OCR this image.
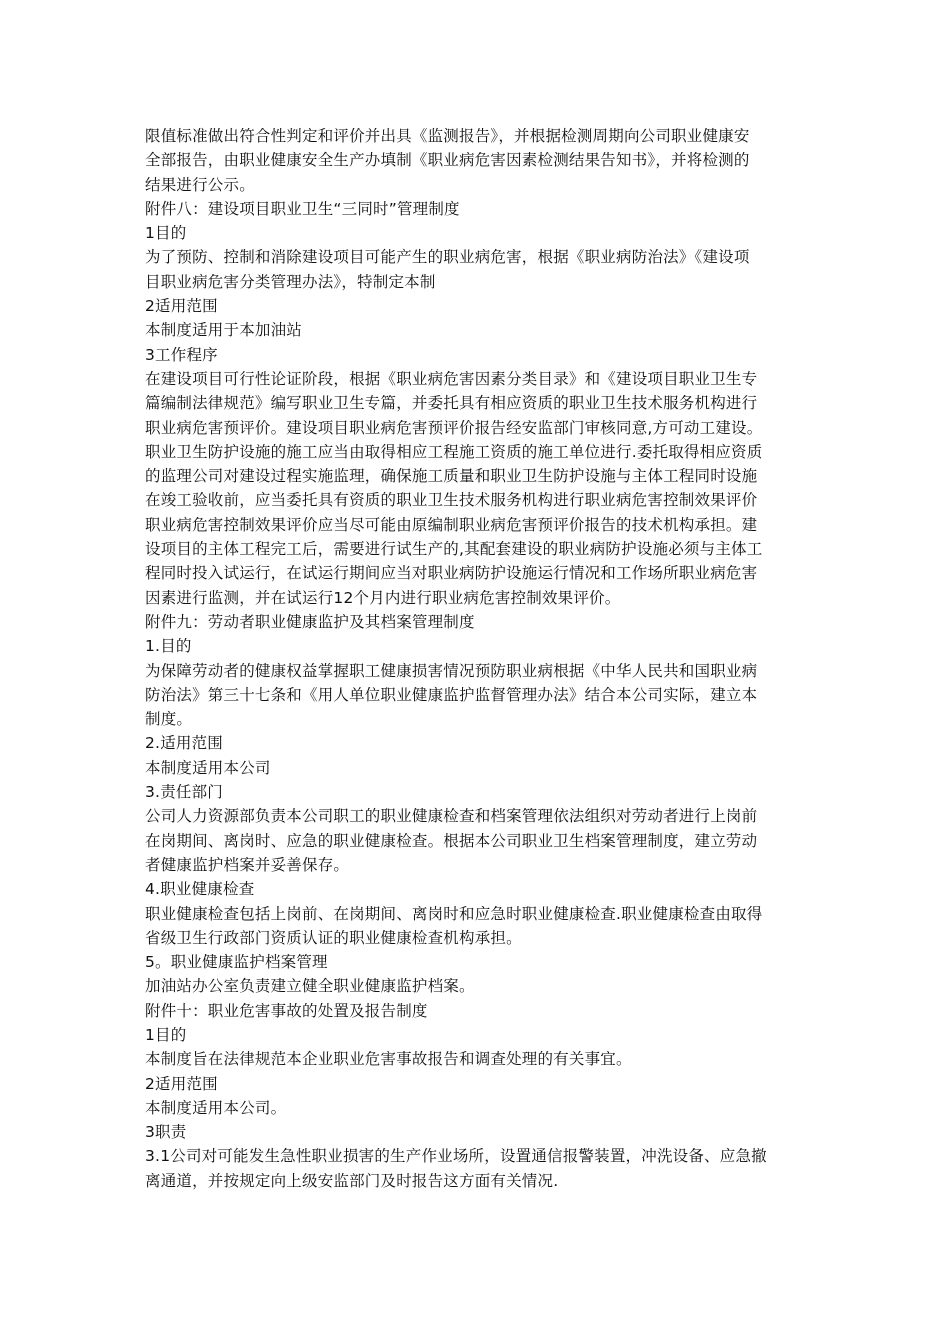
限值标准做出符合性判定和评价并出具《监测报告》，并根据检测周期向公司职业健康安
全部报告，由职业健康安全生产办填制《职业病危害因素检测结果告知书》，并将检测的
结果进行公示。
附件八：建设项目职业卫生“三同时”管理制度
1目的
为了预防、控制和消除建设项目可能产生的职业病危害，根据《职业病防治法》《建设项
目职业病危害分类管理办法》，特制定本制
2适用范围
本制度适用于本加油站
3工作程序
在建设项目可行性论证阶段，根据《职业病危害因素分类目录》和《建设项目职业卫生专
篇编制法律规范》编写职业卫生专篇，并委托具有相应资质的职业卫生技术服务机构进行
职业病危害预评价。建设项目职业病危害预评价报告经安监部门审核同意,方可动工建设。
职业卫生防护设施的施工应当由取得相应工程施工资质的施工单位进行.委托取得相应资质
的监理公司对建设过程实施监理，确保施工质量和职业卫生防护设施与主体工程同时设施
在竣工验收前，应当委托具有资质的职业卫生技术服务机构进行职业病危害控制效果评价
职业病危害控制效果评价应当尽可能由原编制职业病危害预评价报告的技术机构承担。建
设项目的主体工程完工后，需要进行试生产的,其配套建设的职业病防护设施必须与主体工
程同时投入试运行，在试运行期间应当对职业病防护设施运行情况和工作场所职业病危害
因素进行监测，并在试运行12个月内进行职业病危害控制效果评价。
附件九：劳动者职业健康监护及其档案管理制度
1.目的
为保障劳动者的健康权益掌握职工健康损害情况预防职业病根据《中华人民共和国职业病
防治法》第三十七条和《用人单位职业健康监护监督管理办法》结合本公司实际，建立本
制度。
2.适用范围
本制度适用本公司
3.责任部门
公司人力资源部负责本公司职工的职业健康检查和档案管理依法组织对劳动者进行上岗前
在岗期间、离岗时、应急的职业健康检查。根据本公司职业卫生档案管理制度，建立劳动
者健康监护档案并妥善保存。
4.职业健康检查
职业健康检查包括上岗前、在岗期间、离岗时和应急时职业健康检查.职业健康检查由取得
省级卫生行政部门资质认证的职业健康检查机构承担。
5。职业健康监护档案管理
加油站办公室负责建立健全职业健康监护档案。
附件十：职业危害事故的处置及报告制度
1目的
本制度旨在法律规范本企业职业危害事故报告和调查处理的有关事宜。
2适用范围
本制度适用本公司。
3职责
3.1公司对可能发生急性职业损害的生产作业场所，设置通信报警装置，冲洗设备、应急撤
离通道，并按规定向上级安监部门及时报告这方面有关情况.
